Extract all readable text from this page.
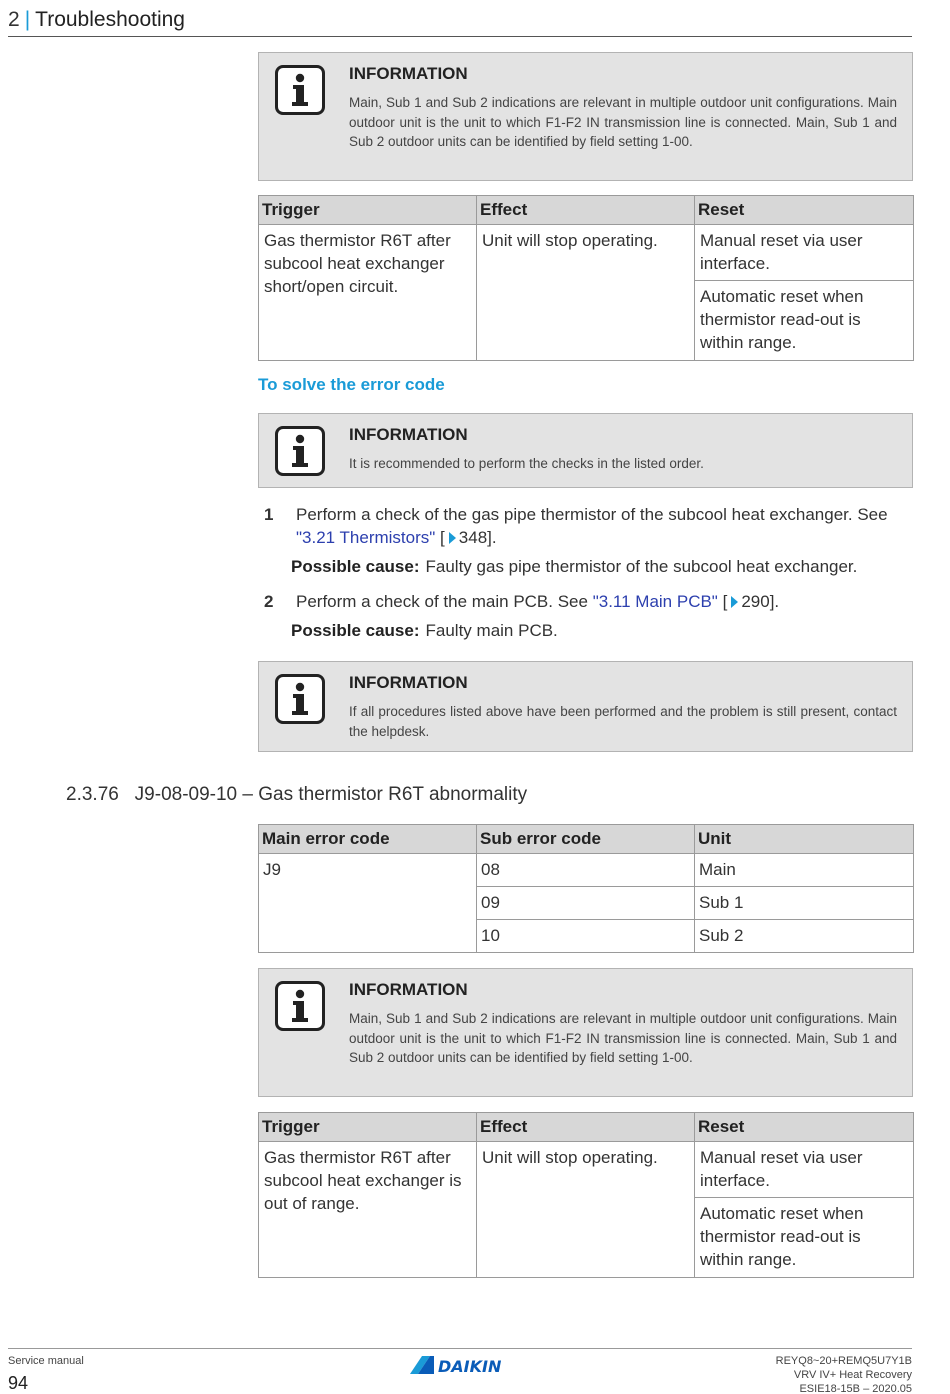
2 | Troubleshooting
INFORMATION
Main, Sub 1 and Sub 2 indications are relevant in multiple outdoor unit configurations. Main outdoor unit is the unit to which F1-F2 IN transmission line is connected. Main, Sub 1 and Sub 2 outdoor units can be identified by field setting 1-00.
Trigger	Effect	Reset
Gas thermistor R6T after subcool heat exchanger short/open circuit.	Unit will stop operating.	Manual reset via user interface.
		Automatic reset when thermistor read-out is within range.
To solve the error code
INFORMATION
It is recommended to perform the checks in the listed order.
1 Perform a check of the gas pipe thermistor of the subcool heat exchanger. See
"3.21 Thermistors" [ 348].
Possible cause: Faulty gas pipe thermistor of the subcool heat exchanger.
2 Perform a check of the main PCB. See "3.11 Main PCB" [ 290].
Possible cause: Faulty main PCB.
INFORMATION
If all procedures listed above have been performed and the problem is still present, contact the helpdesk.
2.3.76 J9-08-09-10 – Gas thermistor R6T abnormality
Main error code	Sub error code	Unit
J9	08	Main
	09	Sub 1
	10	Sub 2
INFORMATION
Main, Sub 1 and Sub 2 indications are relevant in multiple outdoor unit configurations. Main outdoor unit is the unit to which F1-F2 IN transmission line is connected. Main, Sub 1 and Sub 2 outdoor units can be identified by field setting 1-00.
Trigger	Effect	Reset
Gas thermistor R6T after subcool heat exchanger is out of range.	Unit will stop operating.	Manual reset via user interface.
		Automatic reset when thermistor read-out is within range.
Service manual
94
DAIKIN	REYQ8~20+REMQ5U7Y1B
VRV IV+ Heat Recovery
ESIE18-15B – 2020.05
